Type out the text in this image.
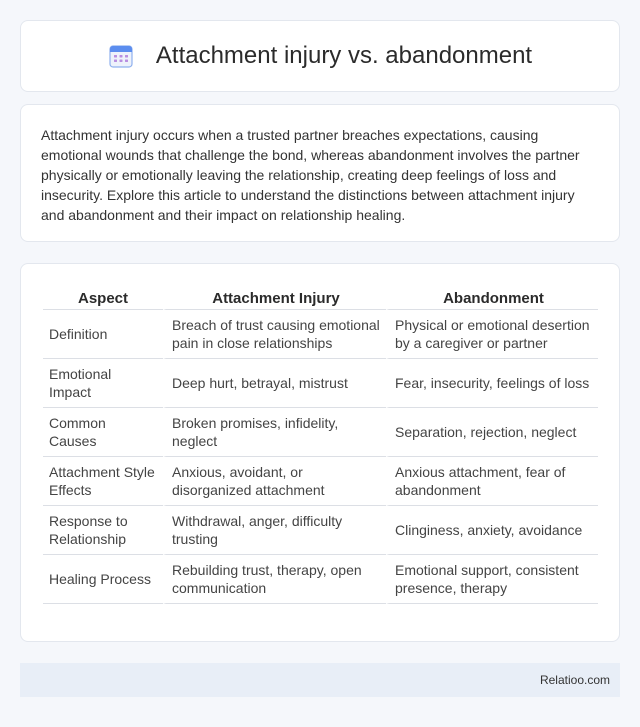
Attachment injury vs. abandonment

Attachment injury occurs when a trusted partner breaches expectations, causing emotional wounds that challenge the bond, whereas abandonment involves the partner physically or emotionally leaving the relationship, creating deep feelings of loss and insecurity. Explore this article to understand the distinctions between attachment injury and abandonment and their impact on relationship healing.

Aspect	Attachment Injury	Abandonment
Definition	Breach of trust causing emotional pain in close relationships	Physical or emotional desertion by a caregiver or partner
Emotional Impact	Deep hurt, betrayal, mistrust	Fear, insecurity, feelings of loss
Common Causes	Broken promises, infidelity, neglect	Separation, rejection, neglect
Attachment Style Effects	Anxious, avoidant, or disorganized attachment	Anxious attachment, fear of abandonment
Response to Relationship	Withdrawal, anger, difficulty trusting	Clinginess, anxiety, avoidance
Healing Process	Rebuilding trust, therapy, open communication	Emotional support, consistent presence, therapy
Relatioo.com
